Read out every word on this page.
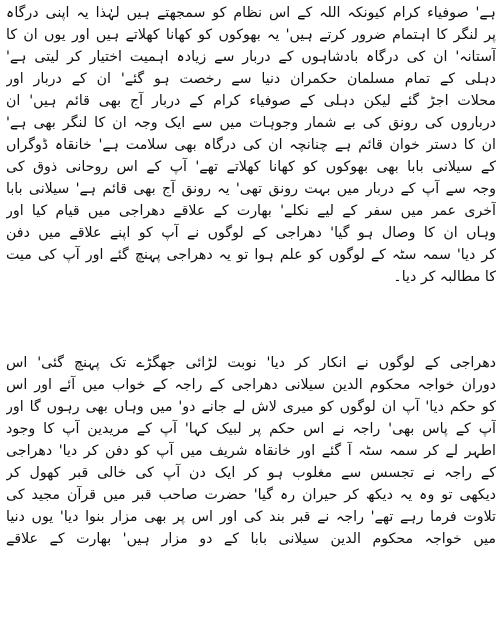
ہے' صوفیاء کرام کیونکہ اللہ کے اس نظام کو سمجھتے ہیں لہٰذا یہ اپنی درگاہ
پر لنگر کا اہتمام ضرور کرتے ہیں' یہ بھوکوں کو کھانا کھلاتے ہیں اور یوں ان کا
آستانہ' ان کی درگاہ بادشاہوں کے دربار سے زیادہ اہمیت اختیار کر لیتی ہے'
دہلی کے تمام مسلمان حکمران دنیا سے رخصت ہو گئے' ان کے دربار اور
محلات اجڑ گئے لیکن دہلی کے صوفیاء کرام کے دربار آج بھی قائم ہیں' ان
درباروں کی رونق کی بے شمار وجوہات میں سے ایک وجہ ان کا لنگر بھی ہے'
ان کا دستر خوان قائم ہے چنانچہ ان کی درگاہ بھی سلامت ہے' خانقاہ ڈوگراں
کے سیلانی بابا بھی بھوکوں کو کھانا کھلاتے تھے' آپ کے اس روحانی ذوق کی
وجہ سے آپ کے دربار میں بہت رونق تھی' یہ رونق آج بھی قائم ہے' سیلانی بابا
آخری عمر میں سفر کے لیے نکلے' بھارت کے علاقے دھراجی میں قیام کیا اور
وہاں ان کا وصال ہو گیا' دھراجی کے لوگوں نے آپ کو اپنے علاقے میں دفن
کر دیا' سمہ سٹہ کے لوگوں کو علم ہوا تو یہ دھراجی پہنچ گئے اور آپ کی میت
کا مطالبہ کر دیا۔
دھراجی کے لوگوں نے انکار کر دیا' نوبت لڑائی جھگڑے تک پہنچ گئی' اس
دوران خواجہ محکوم الدین سیلانی دھراجی کے راجہ کے خواب میں آئے اور اس
کو حکم دیا' آپ ان لوگوں کو میری لاش لے جانے دو' میں وہاں بھی رہوں گا اور
آپ کے پاس بھی' راجہ نے اس حکم پر لبیک کہا' آپ کے مریدین آپ کا وجود
اطہر لے کر سمہ سٹہ آ گئے اور خانقاہ شریف میں آپ کو دفن کر دیا' دھراجی
کے راجہ نے تجسس سے مغلوب ہو کر ایک دن آپ کی خالی قبر کھول کر
دیکھی تو وہ یہ دیکھ کر حیران رہ گیا' حضرت صاحب قبر میں قرآن مجید کی
تلاوت فرما رہے تھے' راجہ نے قبر بند کی اور اس پر بھی مزار بنوا دیا' یوں دنیا
میں خواجہ محکوم الدین سیلانی بابا کے دو مزار ہیں' بھارت کے علاقے
